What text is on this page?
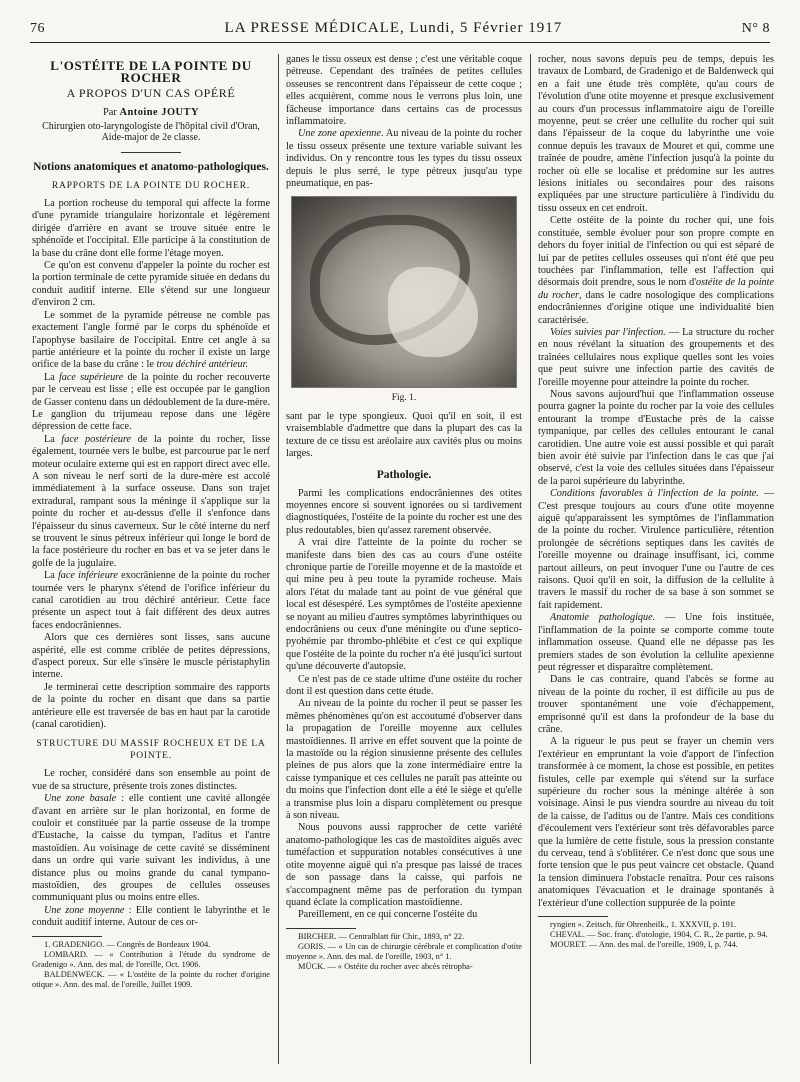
76	LA PRESSE MÉDICALE, Lundi, 5 Février 1917	N° 8
L'OSTÉITE DE LA POINTE DU ROCHER
A PROPOS D'UN CAS OPÉRÉ
Par Antoine JOUTY
Chirurgien oto-laryngologiste de l'hôpital civil d'Oran, Aide-major de 2e classe.
Notions anatomiques et anatomo-pathologiques.
RAPPORTS DE LA POINTE DU ROCHER.

La portion rocheuse du temporal qui affecte la forme d'une pyramide triangulaire horizontale et légèrement dirigée d'arrière en avant se trouve située entre le sphénoïde et l'occipital. Elle participe à la constitution de la base du crâne dont elle forme l'étage moyen.

Ce qu'on est convenu d'appeler la pointe du rocher est la portion terminale de cette pyramide située en dedans du conduit auditif interne. Elle s'étend sur une longueur d'environ 2 cm.

Le sommet de la pyramide pétreuse ne comble pas exactement l'angle formé par le corps du sphénoïde et l'apophyse basilaire de l'occipital. Entre cet angle à sa partie antérieure et la pointe du rocher il existe un large orifice de la base du crâne : le trou déchiré antérieur.

La face supérieure de la pointe du rocher recouverte par le cerveau est lisse ; elle est occupée par le ganglion de Gasser contenu dans un dédoublement de la dure-mère. Le ganglion du trijumeau repose dans une légère dépression de cette face.

La face postérieure de la pointe du rocher, lisse également, tournée vers le bulbe, est parcourue par le nerf moteur oculaire externe qui est en rapport direct avec elle. A son niveau le nerf sorti de la dure-mère est accolé immédiatement à la surface osseuse. Dans son trajet extradural, rampant sous la méninge il s'applique sur la pointe du rocher et au-dessus d'elle il s'enfonce dans l'épaisseur du sinus caverneux. Sur le côté interne du nerf se trouvent le sinus pétreux inférieur qui longe le bord de la face postérieure du rocher en bas et va se jeter dans le golfe de la jugulaire.

La face inférieure exocrânienne de la pointe du rocher tournée vers le pharynx s'étend de l'orifice inférieur du canal carotidien au trou déchiré antérieur. Cette face présente un aspect tout à fait différent des deux autres faces endocrâniennes.

Alors que ces dernières sont lisses, sans aucune aspérité, elle est comme criblée de petites dépressions, d'aspect poreux. Sur elle s'insère le muscle péristaphylin interne.

Je terminerai cette description sommaire des rapports de la pointe du rocher en disant que dans sa partie antérieure elle est traversée de bas en haut par la carotide (canal carotidien).

STRUCTURE DU MASSIF ROCHEUX ET DE LA POINTE.

Le rocher, considéré dans son ensemble au point de vue de sa structure, présente trois zones distinctes.

Une zone basale : elle contient une cavité allongée d'avant en arrière sur le plan horizontal, en forme de couloir et constituée par la partie osseuse de la trompe d'Eustache, la caisse du tympan, l'aditus et l'antre mastoïdien. Au voisinage de cette cavité se disséminent dans un ordre qui varie suivant les individus, à une distance plus ou moins grande du canal tympano-mastoïdien, des groupes de cellules osseuses communiquant plus ou moins entre elles.

Une zone moyenne : Elle contient le labyrinthe et le conduit auditif interne. Autour de ces or-

1. GRADENIGO. — Congrès de Bordeaux 1904.

LOMBARD. — « Contribution à l'étude du syndrome de Gradenigo ». Ann. des mal. de l'oreille, Oct. 1906.

BALDENWECK. — « L'ostéite de la pointe du rocher d'origine otique ». Ann. des mal. de l'oreille, Juillet 1909.

ganes le tissu osseux est dense ; c'est une véritable coque pétreuse. Cependant des traînées de petites cellules osseuses se rencontrent dans l'épaisseur de cette coque ; elles acquièrent, comme nous le verrons plus loin, une fâcheuse importance dans certains cas de processus inflammatoire.

Une zone apexienne. Au niveau de la pointe du rocher le tissu osseux présente une texture variable suivant les individus. On y rencontre tous les types du tissu osseux depuis le plus serré, le type pétreux jusqu'au type pneumatique, en pas-

Fig. 1.

sant par le type spongieux. Quoi qu'il en soit, il est vraisemblable d'admettre que dans la plupart des cas la texture de ce tissu est aréolaire aux cavités plus ou moins larges.

Pathologie.

Parmi les complications endocrâniennes des otites moyennes encore si souvent ignorées ou si tardivement diagnostiquées, l'ostéite de la pointe du rocher est une des plus redoutables, bien qu'assez rarement observée.

A vrai dire l'atteinte de la pointe du rocher se manifeste dans bien des cas au cours d'une ostéite chronique partie de l'oreille moyenne et de la mastoïde et qui mine peu à peu toute la pyramide rocheuse. Mais alors l'état du malade tant au point de vue général que local est désespéré. Les symptômes de l'ostéite apexienne se noyant au milieu d'autres symptômes labyrinthiques ou endocrâniens ou ceux d'une méningite ou d'une septico-pyohémie par thrombo-phlébite et c'est ce qui explique que l'ostéite de la pointe du rocher n'a été jusqu'ici surtout qu'une découverte d'autopsie.

Ce n'est pas de ce stade ultime d'une ostéite du rocher dont il est question dans cette étude.

Au niveau de la pointe du rocher il peut se passer les mêmes phénomènes qu'on est accoutumé d'observer dans la propagation de l'oreille moyenne aux cellules mastoïdiennes. Il arrive en effet souvent que la pointe de la mastoïde ou la région sinusienne présente des cellules pleines de pus alors que la zone intermédiaire entre la caisse tympanique et ces cellules ne paraît pas atteinte ou du moins que l'infection dont elle a été le siège et qu'elle a transmise plus loin a disparu complètement ou presque à son niveau.

Nous pouvons aussi rapprocher de cette variété anatomo-pathologique les cas de mastoïdites aiguës avec tuméfaction et suppuration notables consécutives à une otite moyenne aiguë qui n'a presque pas laissé de traces de son passage dans la caisse, qui parfois ne s'accompagnent même pas de perforation du tympan quand éclate la complication mastoïdienne.

Pareillement, en ce qui concerne l'ostéite du

BIRCHER. — Centralblatt für Chir., 1893, n° 22.

GORIS. — « Un cas de chirurgie cérébrale et complication d'otite moyenne ». Ann. des mal. de l'oreille, 1903, n° 1.

MÜCK. — « Ostéite du rocher avec abcès rétropha-

rocher, nous savons depuis peu de temps, depuis les travaux de Lombard, de Gradenigo et de Baldenweck qui en a fait une étude très complète, qu'au cours de l'évolution d'une otite moyenne et presque exclusivement au cours d'un processus inflammatoire aigu de l'oreille moyenne, peut se créer une cellulite du rocher qui suit dans l'épaisseur de la coque du labyrinthe une voie connue depuis les travaux de Mouret et qui, comme une traînée de poudre, amène l'infection jusqu'à la pointe du rocher où elle se localise et prédomine sur les autres lésions initiales ou secondaires pour des raisons expliquées par une structure particulière à l'individu du tissu osseux en cet endroit.

Cette ostéite de la pointe du rocher qui, une fois constituée, semble évoluer pour son propre compte en dehors du foyer initial de l'infection ou qui est séparé de lui par de petites cellules osseuses qui n'ont été que peu touchées par l'inflammation, telle est l'affection qui désormais doit prendre, sous le nom d'ostéite de la pointe du rocher, dans le cadre nosologique des complications endocrâniennes d'origine otique une individualité bien caractérisée.

Voies suivies par l'infection. — La structure du rocher en nous révélant la situation des groupements et des traînées cellulaires nous explique quelles sont les voies que peut suivre une infection partie des cavités de l'oreille moyenne pour atteindre la pointe du rocher.

Nous savons aujourd'hui que l'inflammation osseuse pourra gagner la pointe du rocher par la voie des cellules entourant la trompe d'Eustache près de la caisse tympanique, par celles des cellules entourant le canal carotidien. Une autre voie est aussi possible et qui paraît bien avoir été suivie par l'infection dans le cas que j'ai observé, c'est la voie des cellules situées dans l'épaisseur de la paroi supérieure du labyrinthe.

Conditions favorables à l'infection de la pointe. — C'est presque toujours au cours d'une otite moyenne aiguë qu'apparaissent les symptômes de l'inflammation de la pointe du rocher. Virulence particulière, rétention prolongée de sécrétions septiques dans les cavités de l'oreille moyenne ou drainage insuffisant, ici, comme partout ailleurs, on peut invoquer l'une ou l'autre de ces raisons. Quoi qu'il en soit, la diffusion de la cellulite à travers le massif du rocher de sa base à son sommet se fait rapidement.

Anatomie pathologique. — Une fois instituée, l'inflammation de la pointe se comporte comme toute inflammation osseuse. Quand elle ne dépasse pas les premiers stades de son évolution la cellulite apexienne peut régresser et disparaître complètement.

Dans le cas contraire, quand l'abcès se forme au niveau de la pointe du rocher, il est difficile au pus de trouver spontanément une voie d'échappement, emprisonné qu'il est dans la profondeur de la base du crâne.

A la rigueur le pus peut se frayer un chemin vers l'extérieur en empruntant la voie d'apport de l'infection transformée à ce moment, la chose est possible, en petites fistules, celle par exemple qui s'étend sur la surface supérieure du rocher sous la méninge altérée à son voisinage. Ainsi le pus viendra sourdre au niveau du toit de la caisse, de l'aditus ou de l'antre. Mais ces conditions d'écoulement vers l'extérieur sont très défavorables parce que la lumière de cette fistule, sous la pression constante du cerveau, tend à s'oblitérer. Ce n'est donc que sous une forte tension que le pus peut vaincre cet obstacle. Quand la tension diminuera l'obstacle renaîtra. Pour ces raisons anatomiques l'évacuation et le drainage spontanés à l'extérieur d'une collection suppurée de la pointe

ryngien ». Zeitsch. für Ohrenheilk., 1. XXXVII, p. 191.

CHEVAL. — Soc. franç. d'otologie, 1904, C. R., 2e partie, p. 94.

MOURET. — Ann. des mal. de l'oreille, 1909, I, p. 744.
